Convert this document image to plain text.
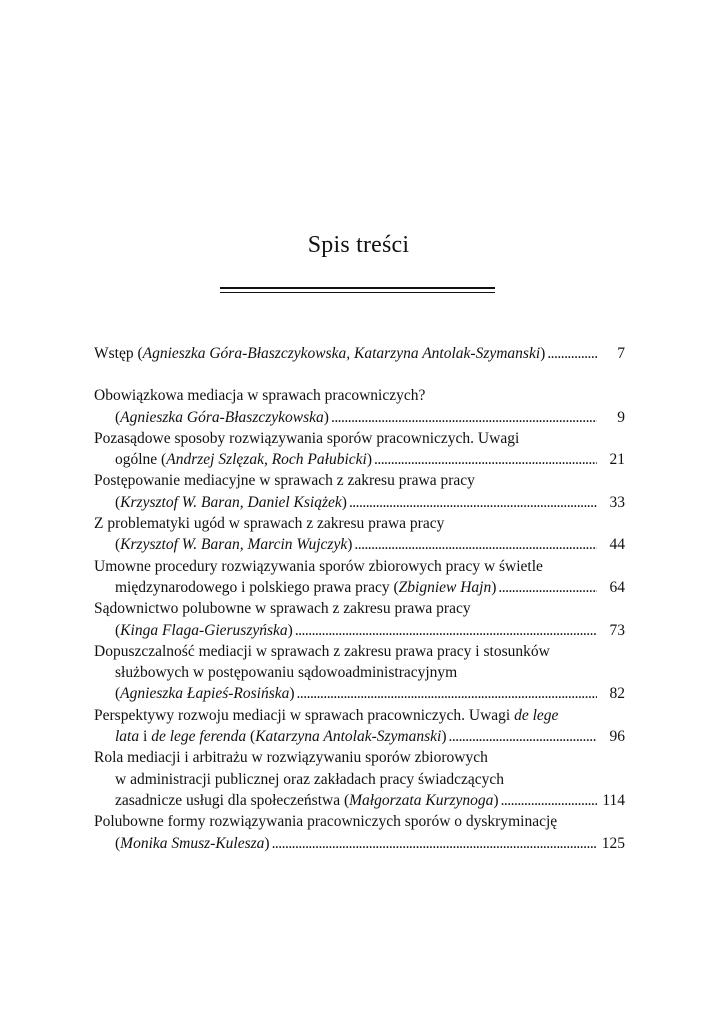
Spis treści
Wstęp (Agnieszka Góra-Błaszczykowska, Katarzyna Antolak-Szymanski) . . .	7
Obowiązkowa mediacja w sprawach pracowniczych?
(Agnieszka Góra-Błaszczykowska) . . .	9
Pozasądowe sposoby rozwiązywania sporów pracowniczych. Uwagi
ogólne (Andrzej Szlęzak, Roch Pałubicki) . . .	21
Postępowanie mediacyjne w sprawach z zakresu prawa pracy
(Krzysztof W. Baran, Daniel Książek) . . .	33
Z problematyki ugód w sprawach z zakresu prawa pracy
(Krzysztof W. Baran, Marcin Wujczyk) . . .	44
Umowne procedury rozwiązywania sporów zbiorowych pracy w świetle
międzynarodowego i polskiego prawa pracy (Zbigniew Hajn) . . .	64
Sądownictwo polubowne w sprawach z zakresu prawa pracy
(Kinga Flaga-Gieruszyńska) . . .	73
Dopuszczalność mediacji w sprawach z zakresu prawa pracy i stosunków
służbowych w postępowaniu sądowoadministracyjnym
(Agnieszka Łapieś-Rosińska) . . .	82
Perspektywy rozwoju mediacji w sprawach pracowniczych. Uwagi de lege
lata i de lege ferenda (Katarzyna Antolak-Szymanski) . . .	96
Rola mediacji i arbitrażu w rozwiązywaniu sporów zbiorowych
w administracji publicznej oraz zakładach pracy świadczących
zasadnicze usługi dla społeczeństwa (Małgorzata Kurzynoga) . . .	114
Polubowne formy rozwiązywania pracowniczych sporów o dyskryminację
(Monika Smusz-Kulesza) . . .	125
